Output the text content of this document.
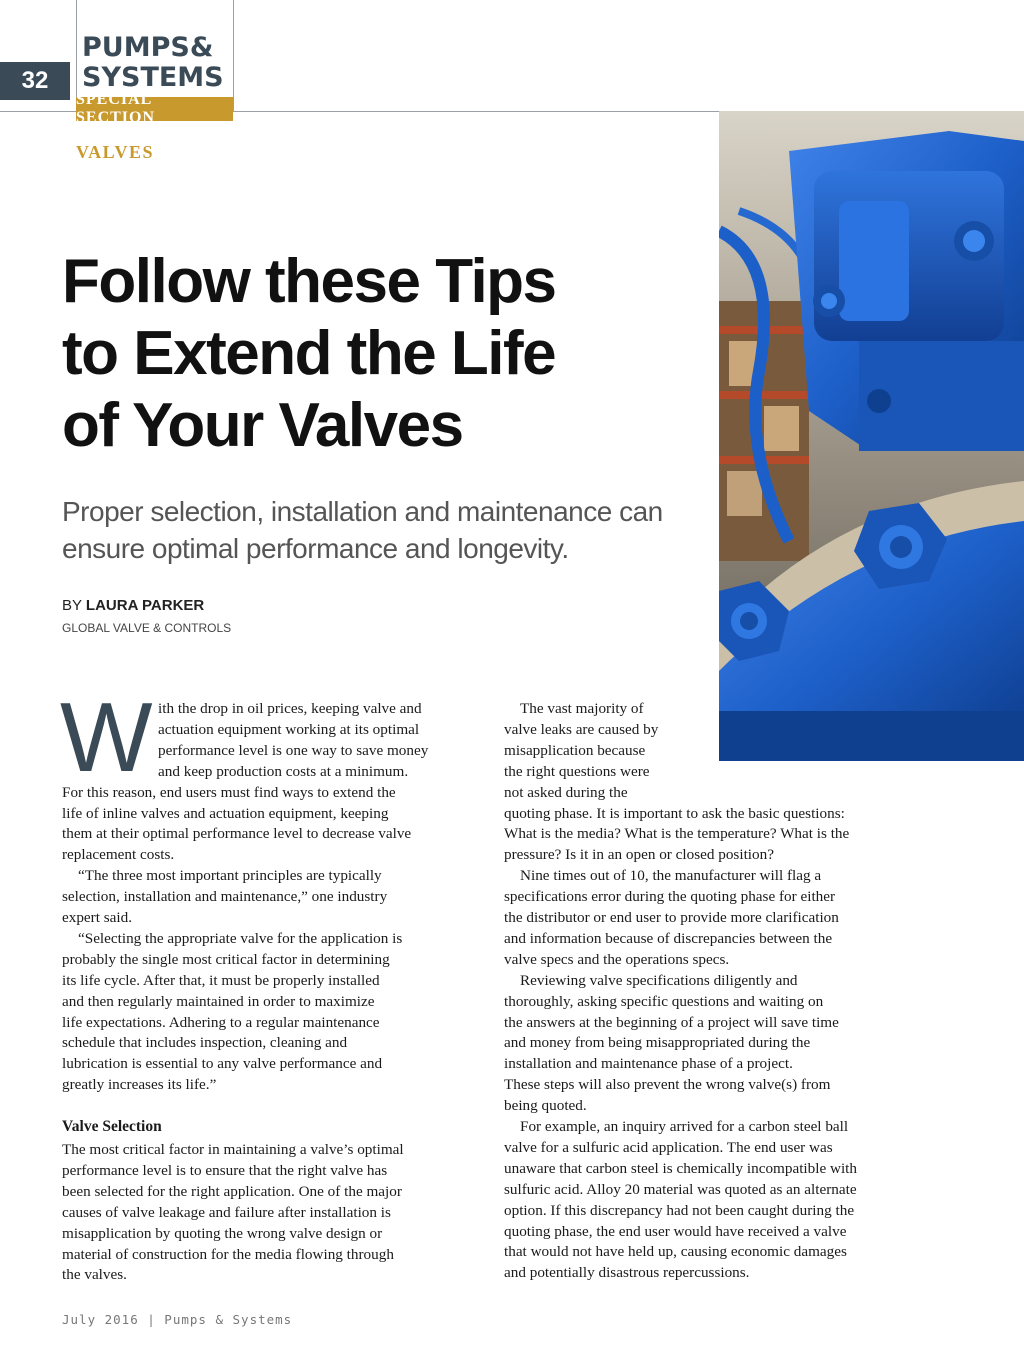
32
PUMPS&
SYSTEMS
SPECIAL SECTION
VALVES
Follow these Tips
to Extend the Life
of Your Valves
Proper selection, installation and maintenance can
ensure optimal performance and longevity.
BY LAURA PARKER
GLOBAL VALVE & CONTROLS
W ith the drop in oil prices, keeping valve and
actuation equipment working at its optimal
performance level is one way to save money
and keep production costs at a minimum.
For this reason, end users must find ways to extend the
life of inline valves and actuation equipment, keeping
them at their optimal performance level to decrease valve
replacement costs.
“The three most important principles are typically
selection, installation and maintenance,” one industry
expert said.
“Selecting the appropriate valve for the application is
probably the single most critical factor in determining
its life cycle. After that, it must be properly installed
and then regularly maintained in order to maximize
life expectations. Adhering to a regular maintenance
schedule that includes inspection, cleaning and
lubrication is essential to any valve performance and
greatly increases its life.”
The most critical factor in maintaining a valve’s optimal
performance level is to ensure that the right valve has
been selected for the right application. One of the major
causes of valve leakage and failure after installation is
misapplication by quoting the wrong valve design or
material of construction for the media flowing through
the valves.
Valve Selection
The vast majority of
valve leaks are caused by
misapplication because
the right questions were
not asked during the
quoting phase. It is important to ask the basic questions:
What is the media? What is the temperature? What is the
pressure? Is it in an open or closed position?
Nine times out of 10, the manufacturer will flag a
specifications error during the quoting phase for either
the distributor or end user to provide more clarification
and information because of discrepancies between the
valve specs and the operations specs.
Reviewing valve specifications diligently and
thoroughly, asking specific questions and waiting on
the answers at the beginning of a project will save time
and money from being misappropriated during the
installation and maintenance phase of a project.
These steps will also prevent the wrong valve(s) from
being quoted.
For example, an inquiry arrived for a carbon steel ball
valve for a sulfuric acid application. The end user was
unaware that carbon steel is chemically incompatible with
sulfuric acid. Alloy 20 material was quoted as an alternate
option. If this discrepancy had not been caught during the
quoting phase, the end user would have received a valve
that would not have held up, causing economic damages
and potentially disastrous repercussions.
July 2016 | Pumps & Systems
